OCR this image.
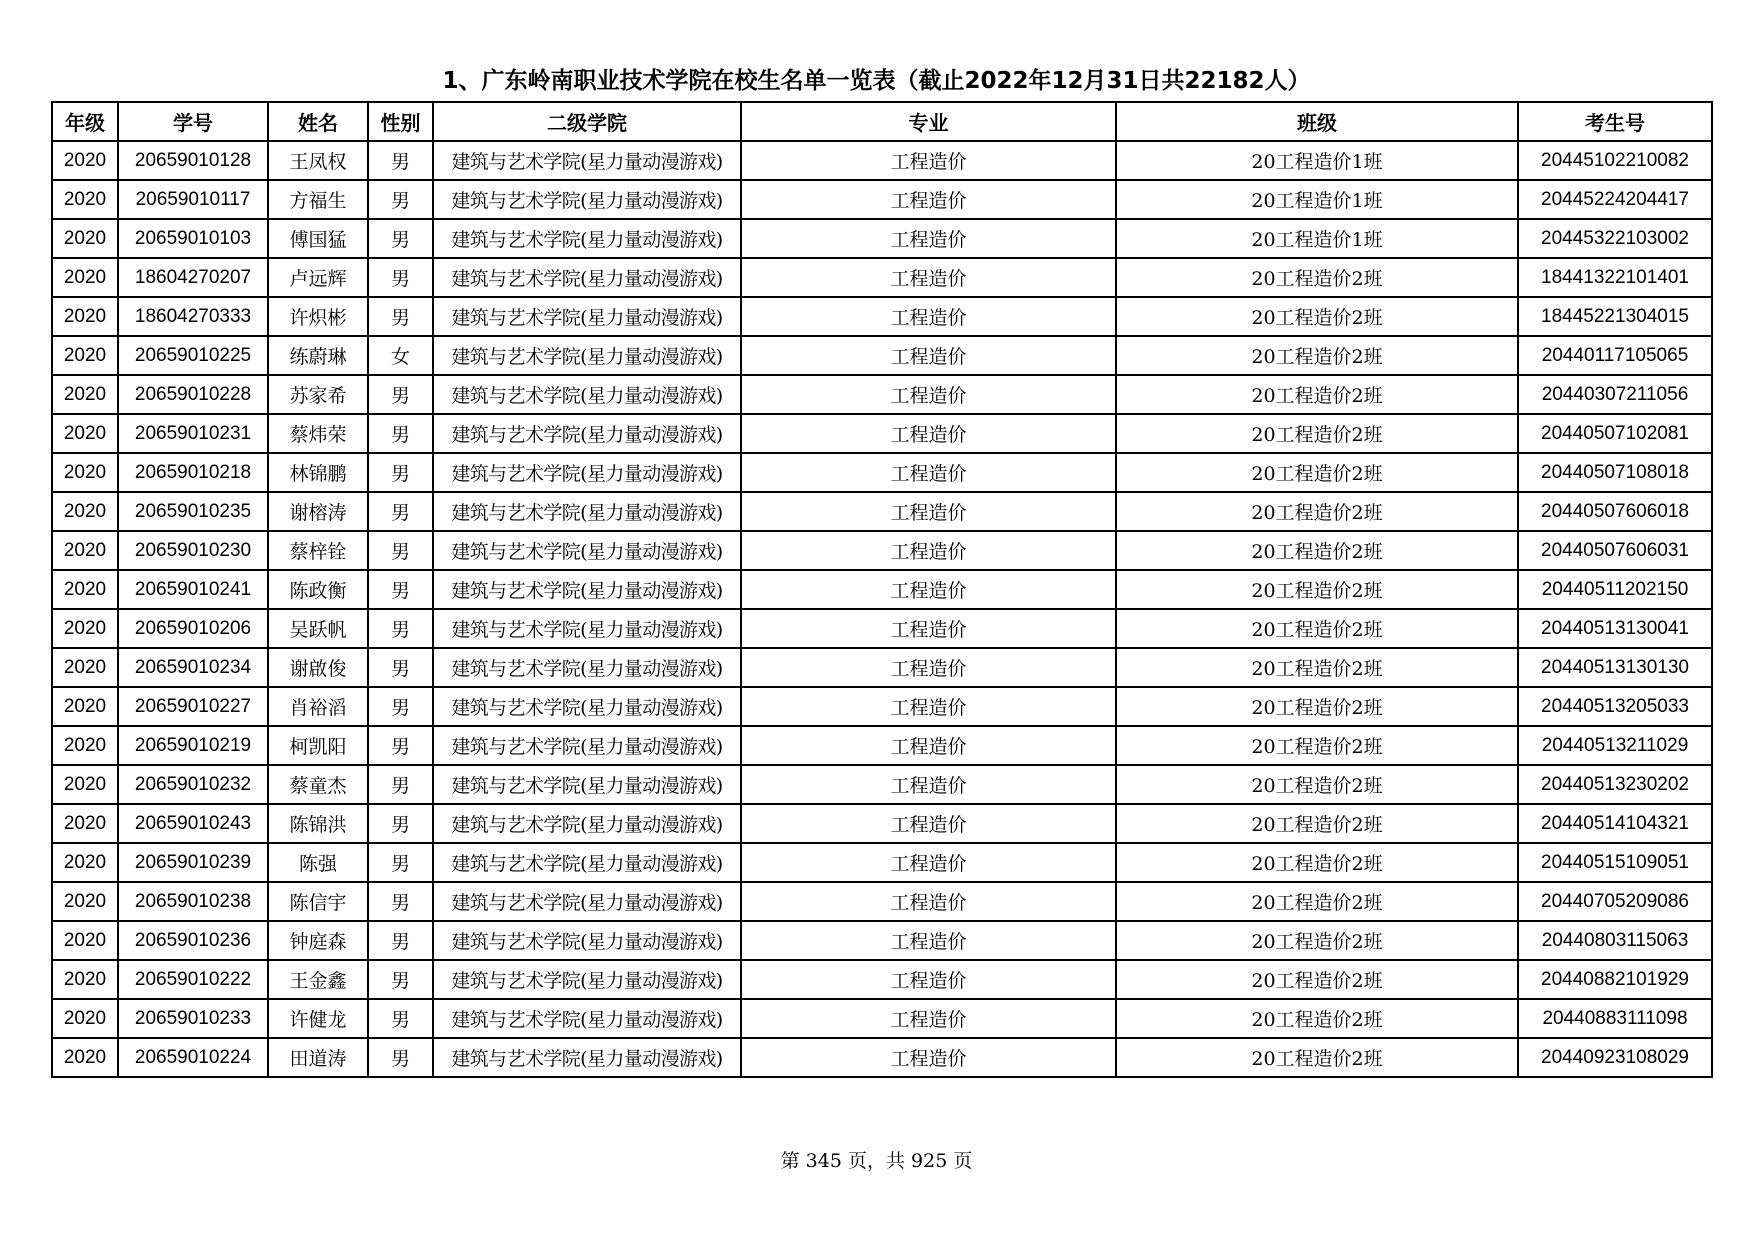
1、广东岭南职业技术学院在校生名单一览表（截止2022年12月31日共22182人）
年级	学号	姓名	性别	二级学院	专业	班级	考生号
2020	20659010128	王凤权	男	建筑与艺术学院(星力量动漫游戏)	工程造价	20工程造价1班	20445102210082
2020	20659010117	方福生	男	建筑与艺术学院(星力量动漫游戏)	工程造价	20工程造价1班	20445224204417
2020	20659010103	傅国猛	男	建筑与艺术学院(星力量动漫游戏)	工程造价	20工程造价1班	20445322103002
2020	18604270207	卢远辉	男	建筑与艺术学院(星力量动漫游戏)	工程造价	20工程造价2班	18441322101401
2020	18604270333	许炽彬	男	建筑与艺术学院(星力量动漫游戏)	工程造价	20工程造价2班	18445221304015
2020	20659010225	练蔚琳	女	建筑与艺术学院(星力量动漫游戏)	工程造价	20工程造价2班	20440117105065
2020	20659010228	苏家希	男	建筑与艺术学院(星力量动漫游戏)	工程造价	20工程造价2班	20440307211056
2020	20659010231	蔡炜荣	男	建筑与艺术学院(星力量动漫游戏)	工程造价	20工程造价2班	20440507102081
2020	20659010218	林锦鹏	男	建筑与艺术学院(星力量动漫游戏)	工程造价	20工程造价2班	20440507108018
2020	20659010235	谢榕涛	男	建筑与艺术学院(星力量动漫游戏)	工程造价	20工程造价2班	20440507606018
2020	20659010230	蔡梓铨	男	建筑与艺术学院(星力量动漫游戏)	工程造价	20工程造价2班	20440507606031
2020	20659010241	陈政衡	男	建筑与艺术学院(星力量动漫游戏)	工程造价	20工程造价2班	20440511202150
2020	20659010206	吴跃帆	男	建筑与艺术学院(星力量动漫游戏)	工程造价	20工程造价2班	20440513130041
2020	20659010234	谢啟俊	男	建筑与艺术学院(星力量动漫游戏)	工程造价	20工程造价2班	20440513130130
2020	20659010227	肖裕滔	男	建筑与艺术学院(星力量动漫游戏)	工程造价	20工程造价2班	20440513205033
2020	20659010219	柯凯阳	男	建筑与艺术学院(星力量动漫游戏)	工程造价	20工程造价2班	20440513211029
2020	20659010232	蔡童杰	男	建筑与艺术学院(星力量动漫游戏)	工程造价	20工程造价2班	20440513230202
2020	20659010243	陈锦洪	男	建筑与艺术学院(星力量动漫游戏)	工程造价	20工程造价2班	20440514104321
2020	20659010239	陈强	男	建筑与艺术学院(星力量动漫游戏)	工程造价	20工程造价2班	20440515109051
2020	20659010238	陈信宇	男	建筑与艺术学院(星力量动漫游戏)	工程造价	20工程造价2班	20440705209086
2020	20659010236	钟庭森	男	建筑与艺术学院(星力量动漫游戏)	工程造价	20工程造价2班	20440803115063
2020	20659010222	王金鑫	男	建筑与艺术学院(星力量动漫游戏)	工程造价	20工程造价2班	20440882101929
2020	20659010233	许健龙	男	建筑与艺术学院(星力量动漫游戏)	工程造价	20工程造价2班	20440883111098
2020	20659010224	田道涛	男	建筑与艺术学院(星力量动漫游戏)	工程造价	20工程造价2班	20440923108029
第 345 页，共 925 页
